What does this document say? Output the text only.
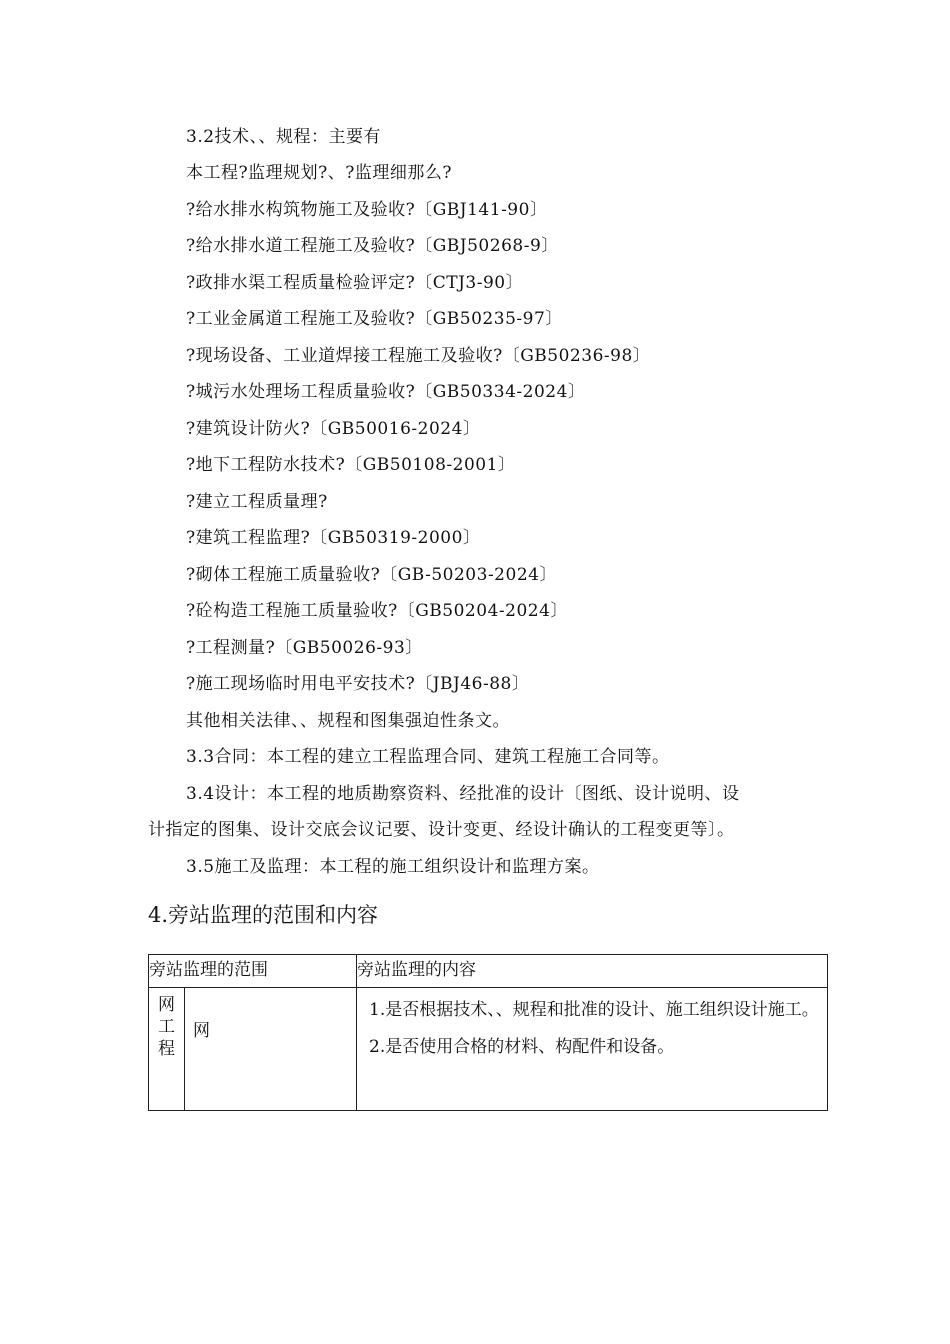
3.2技术、、规程：主要有
本工程?监理规划?、?监理细那么?
?给水排水构筑物施工及验收?〔GBJ141-90〕
?给水排水道工程施工及验收?〔GBJ50268-9〕
?政排水渠工程质量检验评定?〔CTJ3-90〕
?工业金属道工程施工及验收?〔GB50235-97〕
?现场设备、工业道焊接工程施工及验收?〔GB50236-98〕
?城污水处理场工程质量验收?〔GB50334-2024〕
?建筑设计防火?〔GB50016-2024〕
?地下工程防水技术?〔GB50108-2001〕
?建立工程质量理?
?建筑工程监理?〔GB50319-2000〕
?砌体工程施工质量验收?〔GB-50203-2024〕
?砼构造工程施工质量验收?〔GB50204-2024〕
?工程测量?〔GB50026-93〕
?施工现场临时用电平安技术?〔JBJ46-88〕
其他相关法律、、规程和图集强迫性条文。
3.3合同：本工程的建立工程监理合同、建筑工程施工合同等。
3.4设计：本工程的地质勘察资料、经批准的设计〔图纸、设计说明、设
计指定的图集、设计交底会议记要、设计变更、经设计确认的工程变更等〕。
3.5施工及监理：本工程的施工组织设计和监理方案。
4.旁站监理的范围和内容
旁站监理的范围		旁站监理的内容

网工程	网	1.是否根据技术、、规程和批准的设计、施工组织设计施工。
2.是否使用合格的材料、构配件和设备。
